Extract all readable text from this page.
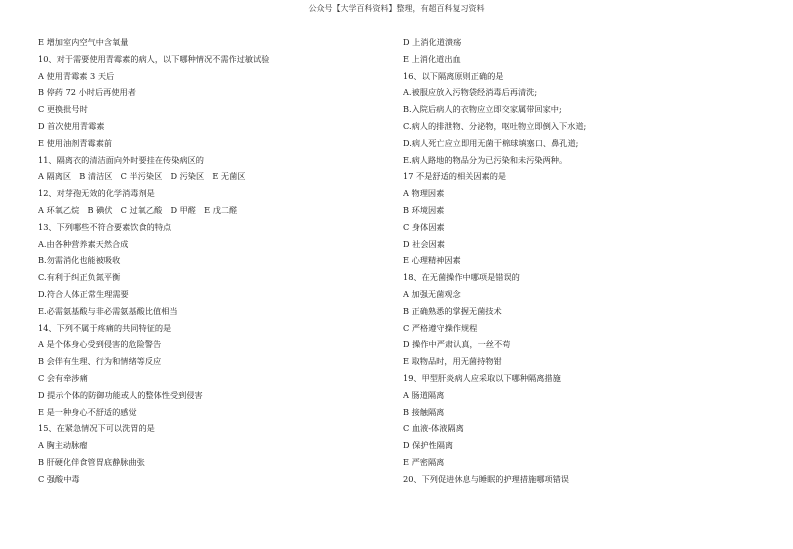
公众号【大学百科资料】整理，有超百科复习资料
E 增加室内空气中含氧量
10、对于需要使用青霉素的病人，以下哪种情况不需作过敏试验
A 使用青霉素 3 天后
B 停药 72 小时后再使用者
C 更换批号时
D 首次使用青霉素
E 使用油剂青霉素前
11、隔离衣的清洁面向外时要挂在传染病区的
A 隔离区　B 清洁区　C 半污染区　D 污染区　E 无菌区
12、对芽孢无效的化学消毒剂是
A 环氧乙烷　B 碘伏　C 过氧乙酸　D 甲醛　E 戊二醛
13、下列哪些不符合要素饮食的特点
A.由各种营养素天然合成
B.勿需消化也能被吸收
C.有利于纠正负氮平衡
D.符合人体正常生理需要
E.必需氨基酸与非必需氨基酸比值相当
14、下列不属于疼痛的共同特征的是
A 是个体身心受到侵害的危险警告
B 会伴有生理、行为和情绪等反应
C 会有牵涉痛
D 提示个体的防御功能或人的整体性受到侵害
E 是一种身心不舒适的感觉
15、在紧急情况下可以洗胃的是
A 胸主动脉瘤
B 肝硬化伴食管胃底静脉曲张
C 强酸中毒
D 上消化道溃疡
E 上消化道出血
16、以下隔离原则正确的是
A.被服应放入污物袋经消毒后再清洗;
B.入院后病人的衣物应立即交家属带回家中;
C.病人的排泄物、分泌物，呕吐物立即倒入下水道;
D.病人死亡应立即用无菌干棉球填塞口、鼻孔道;
E.病人路地的物品分为已污染和未污染两种。
17 不是舒适的相关因素的是
A 物理因素
B 环境因素
C 身体因素
D 社会因素
E 心理精神因素
18、在无菌操作中哪项是错误的
A 加强无菌观念
B 正确熟悉的掌握无菌技术
C 严格遵守操作规程
D 操作中严肃认真，一丝不苟
E 取物品时，用无菌持物钳
19、甲型肝炎病人应采取以下哪种隔离措施
A 肠道隔离
B 接触隔离
C 血液-体液隔离
D 保护性隔离
E 严密隔离
20、下列促进休息与睡眠的护理措施哪项错误
